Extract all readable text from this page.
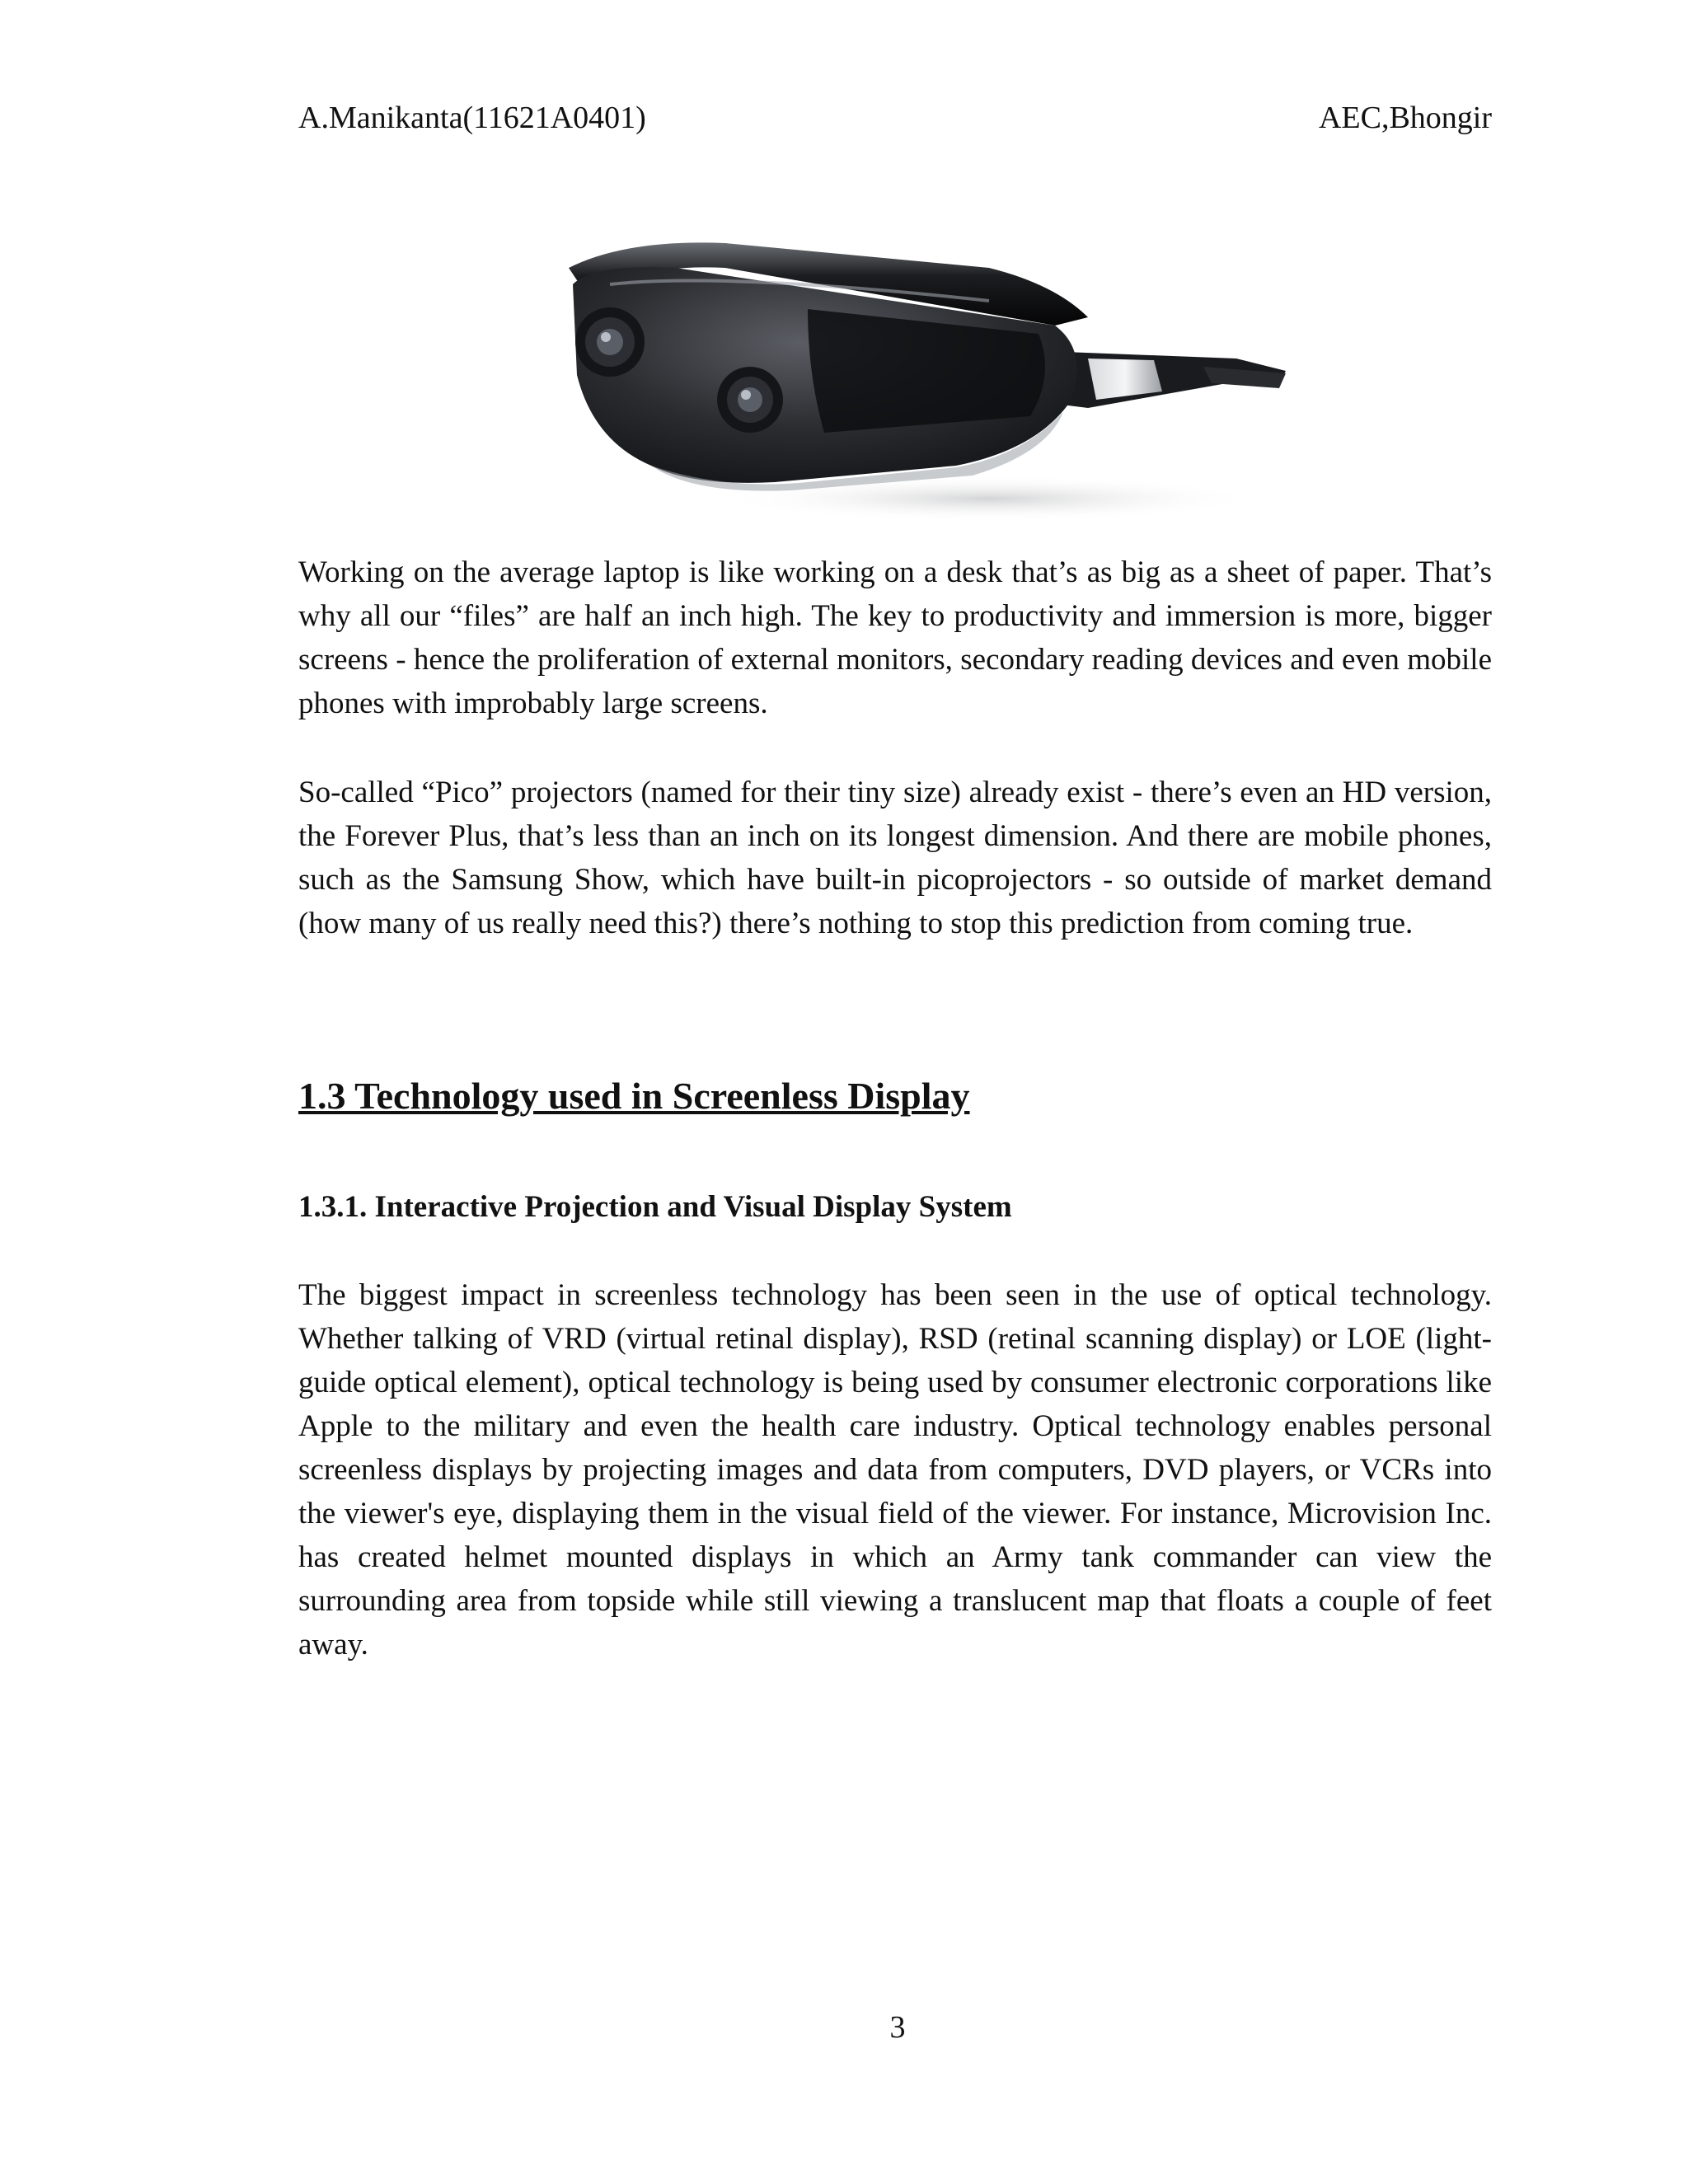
A.Manikanta(11621A0401)	AEC,Bhongir

Working on the average laptop is like working on a desk that’s as big as a sheet of paper. That’s why all our “files” are half an inch high. The key to productivity and immersion is more, bigger screens - hence the proliferation of external monitors, secondary reading devices and even mobile phones with improbably large screens.

So-called “Pico” projectors (named for their tiny size) already exist - there’s even an HD version, the Forever Plus, that’s less than an inch on its longest dimension. And there are mobile phones, such as the Samsung Show, which have built-in picoprojectors - so outside of market demand (how many of us really need this?) there’s nothing to stop this prediction from coming true.

1.3 Technology used in Screenless Display
1.3.1. Interactive Projection and Visual Display System

The biggest impact in screenless technology has been seen in the use of optical technology. Whether talking of VRD (virtual retinal display), RSD (retinal scanning display) or LOE (light-guide optical element), optical technology is being used by consumer electronic corporations like Apple to the military and even the health care industry. Optical technology enables personal screenless displays by projecting images and data from computers, DVD players, or VCRs into the viewer's eye, displaying them in the visual field of the viewer. For instance, Microvision Inc. has created helmet mounted displays in which an Army tank commander can view the surrounding area from topside while still viewing a translucent map that floats a couple of feet away.

3
